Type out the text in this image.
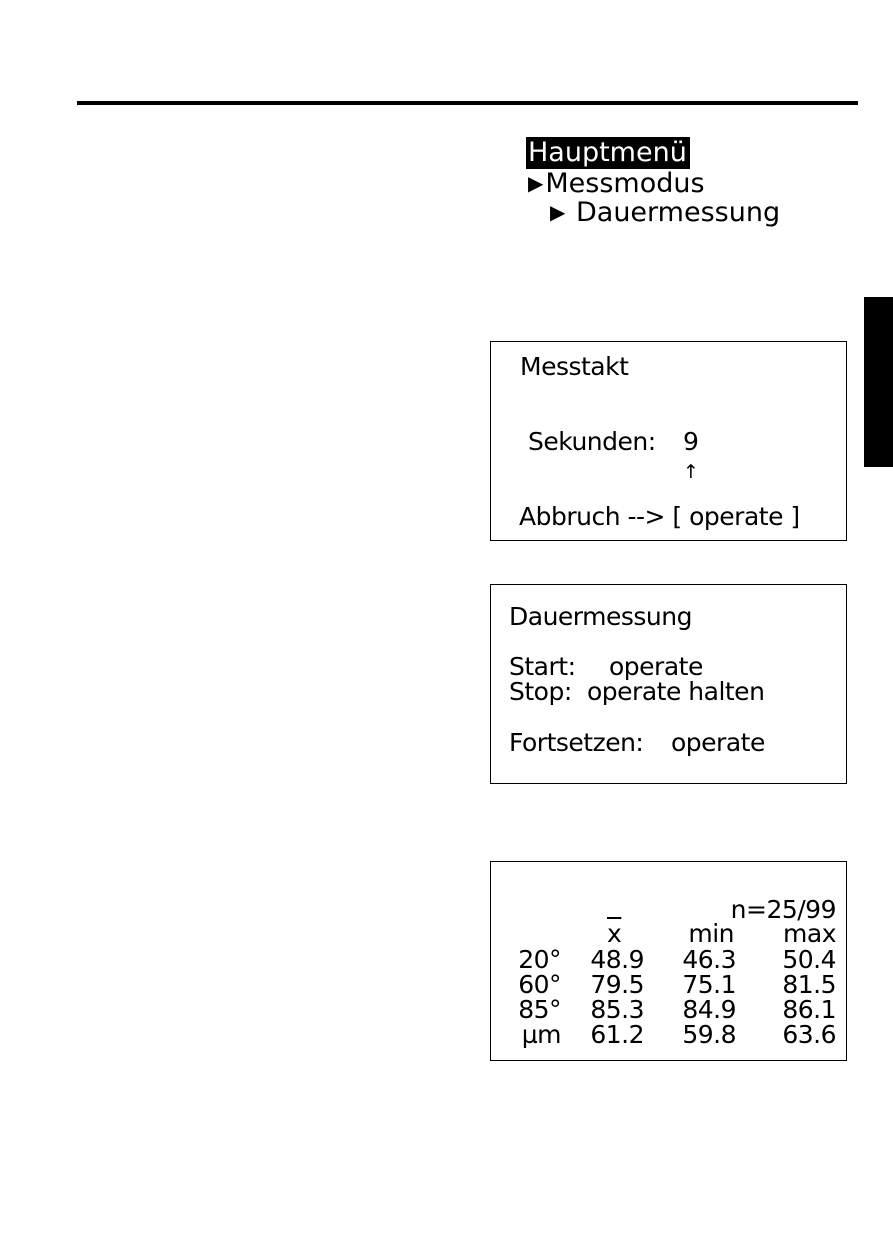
Hauptmenü
▶Messmodus
▶ Dauermessung
Messtakt
Sekunden: 9
↑
Abbruch --> [ operate ]
Dauermessung
Start: operate
Stop: operate halten
Fortsetzen: operate
n=25/99
$\overline{x}$	min max
20° 48.9 46.3 50.4
60° 79.5 75.1 81.5
85° 85.3 84.9 86.1
µm 61.2 59.8 63.6
